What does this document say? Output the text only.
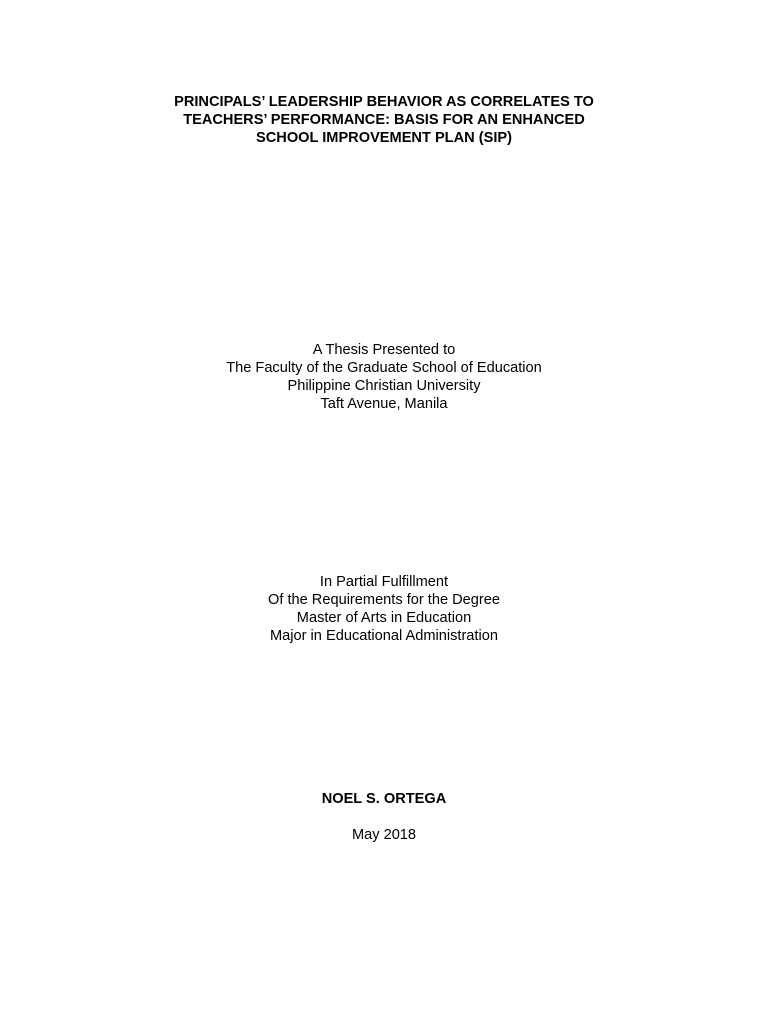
PRINCIPALS’ LEADERSHIP BEHAVIOR AS CORRELATES TO
TEACHERS’ PERFORMANCE: BASIS FOR AN ENHANCED
SCHOOL IMPROVEMENT PLAN (SIP)
A Thesis Presented to
The Faculty of the Graduate School of Education
Philippine Christian University
Taft Avenue, Manila
In Partial Fulfillment
Of the Requirements for the Degree
Master of Arts in Education
Major in Educational Administration
NOEL S. ORTEGA
May 2018
